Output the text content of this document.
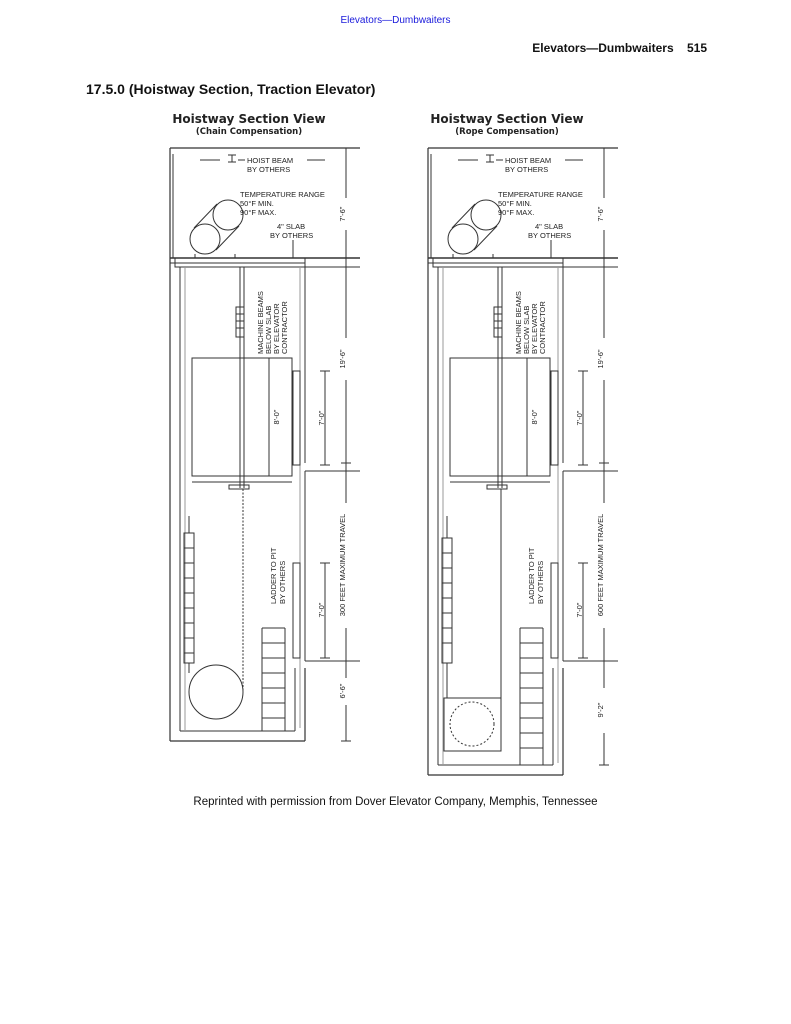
Elevators—Dumbwaiters
Elevators—Dumbwaiters 515
17.5.0 (Hoistway Section, Traction Elevator)
Hoistway Section View
(Chain Compensation)
8'-0"	7'-0"
7'-0"
7'-6"
19'-6"
300 FEET MAXIMUM TRAVEL
6'-6"
HOIST BEAM
BY OTHERS
TEMPERATURE RANGE
50°F MIN.
90°F MAX.
4" SLAB
BY OTHERS
MACHINE BEAMS BELOW SLAB BY ELEVATOR CONTRACTOR
LADDER TO PIT BY OTHERS
Hoistway Section View
(Rope Compensation)
8'-0"	7'-0"
7'-0"
7'-6"
19'-6"
600 FEET MAXIMUM TRAVEL
9'-2"
HOIST BEAM
BY OTHERS
TEMPERATURE RANGE
50°F MIN.
90°F MAX.
4" SLAB
BY OTHERS
MACHINE BEAMS BELOW SLAB BY ELEVATOR CONTRACTOR
LADDER TO PIT BY OTHERS
Reprinted with permission from Dover Elevator Company, Memphis, Tennessee
